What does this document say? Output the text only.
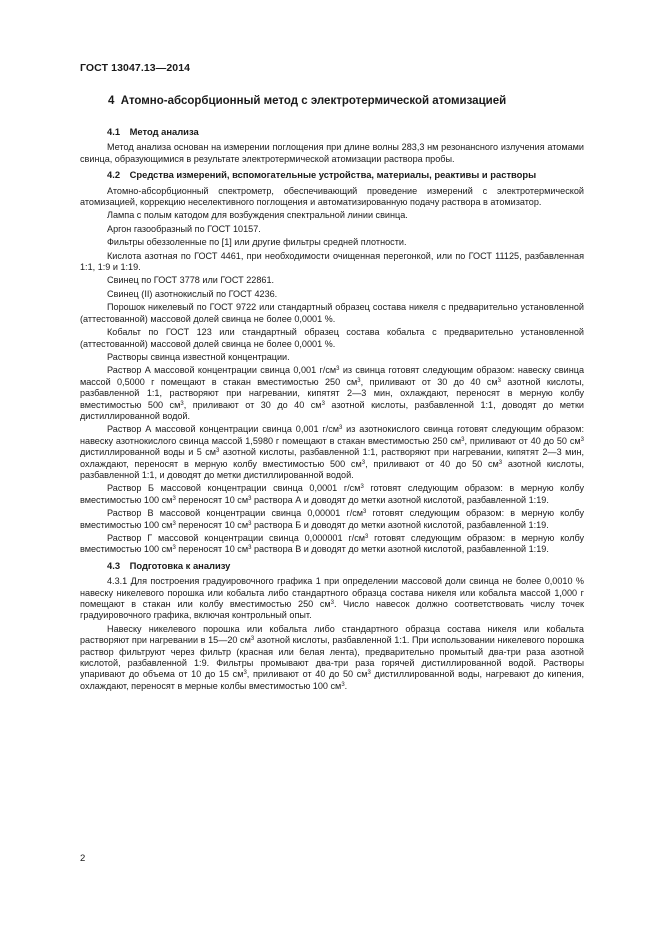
ГОСТ 13047.13—2014
4 Атомно-абсорбционный метод с электротермической атомизацией
4.1 Метод анализа

Метод анализа основан на измерении поглощения при длине волны 283,3 нм резонансного излучения атомами свинца, образующимися в результате электротермической атомизации раствора пробы.

4.2 Средства измерений, вспомогательные устройства, материалы, реактивы и растворы

Атомно-абсорбционный спектрометр, обеспечивающий проведение измерений с электротермической атомизацией, коррекцию неселективного поглощения и автоматизированную подачу раствора в атомизатор.

Лампа с полым катодом для возбуждения спектральной линии свинца.

Аргон газообразный по ГОСТ 10157.

Фильтры обеззоленные по [1] или другие фильтры средней плотности.

Кислота азотная по ГОСТ 4461, при необходимости очищенная перегонкой, или по ГОСТ 11125, разбавленная 1:1, 1:9 и 1:19.

Свинец по ГОСТ 3778 или ГОСТ 22861.

Свинец (II) азотнокислый по ГОСТ 4236.

Порошок никелевый по ГОСТ 9722 или стандартный образец состава никеля с предварительно установленной (аттестованной) массовой долей свинца не более 0,0001 %.

Кобальт по ГОСТ 123 или стандартный образец состава кобальта с предварительно установленной (аттестованной) массовой долей свинца не более 0,0001 %.

Растворы свинца известной концентрации.

Раствор А массовой концентрации свинца 0,001 $г/см^3$ из свинца готовят следующим образом: навеску свинца массой 0,5000 г помещают в стакан вместимостью 250 $см^3$, приливают от 30 до 40 $см^3$ азотной кислоты, разбавленной 1:1, растворяют при нагревании, кипятят 2—3 мин, охлаждают, переносят в мерную колбу вместимостью 500 $см^3$, приливают от 30 до 40 $см^3$ азотной кислоты, разбавленной 1:1, доводят до метки дистиллированной водой.

Раствор А массовой концентрации свинца 0,001 $г/см^3$ из азотнокислого свинца готовят следующим образом: навеску азотнокислого свинца массой 1,5980 г помещают в стакан вместимостью 250 $см^3$, приливают от 40 до 50 $см^3$ дистиллированной воды и 5 $см^3$ азотной кислоты, разбавленной 1:1, растворяют при нагревании, кипятят 2—3 мин, охлаждают, переносят в мерную колбу вместимостью 500 $см^3$, приливают от 40 до 50 $см^3$ азотной кислоты, разбавленной 1:1, и доводят до метки дистиллированной водой.

Раствор Б массовой концентрации свинца 0,0001 $г/см^3$ готовят следующим образом: в мерную колбу вместимостью 100 $см^3$ переносят 10 $см^3$ раствора А и доводят до метки азотной кислотой, разбавленной 1:19.

Раствор В массовой концентрации свинца 0,00001 $г/см^3$ готовят следующим образом: в мерную колбу вместимостью 100 $см^3$ переносят 10 $см^3$ раствора Б и доводят до метки азотной кислотой, разбавленной 1:19.

Раствор Г массовой концентрации свинца 0,000001 $г/см^3$ готовят следующим образом: в мерную колбу вместимостью 100 $см^3$ переносят 10 $см^3$ раствора В и доводят до метки азотной кислотой, разбавленной 1:19.

4.3 Подготовка к анализу

4.3.1 Для построения градуировочного графика 1 при определении массовой доли свинца не более 0,0010 % навеску никелевого порошка или кобальта либо стандартного образца состава никеля или кобальта массой 1,000 г помещают в стакан или колбу вместимостью 250 $см^3$. Число навесок должно соответствовать числу точек градуировочного графика, включая контрольный опыт.

Навеску никелевого порошка или кобальта либо стандартного образца состава никеля или кобальта растворяют при нагревании в 15—20 $см^3$ азотной кислоты, разбавленной 1:1. При использовании никелевого порошка раствор фильтруют через фильтр (красная или белая лента), предварительно промытый два-три раза азотной кислотой, разбавленной 1:9. Фильтры промывают два-три раза горячей дистиллированной водой. Растворы упаривают до объема от 10 до 15 $см^3$, приливают от 40 до 50 $см^3$ дистиллированной воды, нагревают до кипения, охлаждают, переносят в мерные колбы вместимостью 100 $см^3$.

2
